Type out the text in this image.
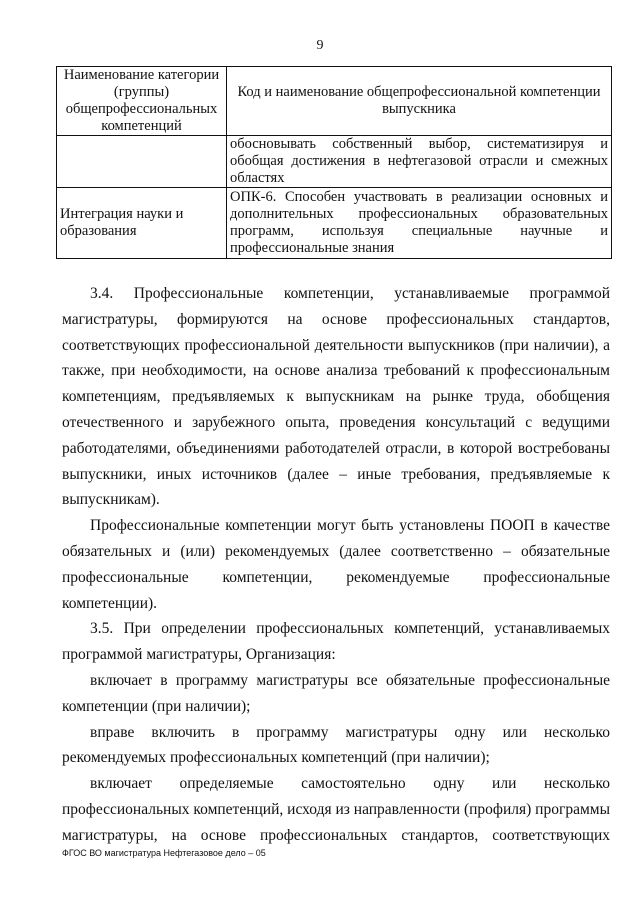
9
Наименование категории (группы) общепрофессиональных компетенций	Код и наименование общепрофессиональной компетенции выпускника
	обосновывать собственный выбор, систематизируя и обобщая достижения в нефтегазовой отрасли и смежных областях
Интеграция науки и образования	ОПК-6. Способен участвовать в реализации основных и дополнительных профессиональных образовательных программ, используя специальные научные и профессиональные знания

3.4. Профессиональные компетенции, устанавливаемые программой магистратуры, формируются на основе профессиональных стандартов, соответствующих профессиональной деятельности выпускников (при наличии), а также, при необходимости, на основе анализа требований к профессиональным компетенциям, предъявляемых к выпускникам на рынке труда, обобщения отечественного и зарубежного опыта, проведения консультаций с ведущими работодателями, объединениями работодателей отрасли, в которой востребованы выпускники, иных источников (далее – иные требования, предъявляемые к выпускникам).

Профессиональные компетенции могут быть установлены ПООП в качестве обязательных и (или) рекомендуемых (далее соответственно – обязательные профессиональные компетенции, рекомендуемые профессиональные компетенции).

3.5. При определении профессиональных компетенций, устанавливаемых программой магистратуры, Организация:

включает в программу магистратуры все обязательные профессиональные компетенции (при наличии);

вправе включить в программу магистратуры одну или несколько рекомендуемых профессиональных компетенций (при наличии);

включает определяемые самостоятельно одну или несколько профессиональных компетенций, исходя из направленности (профиля) программы магистратуры, на основе профессиональных стандартов, соответствующих

ФГОС ВО магистратура Нефтегазовое дело – 05
